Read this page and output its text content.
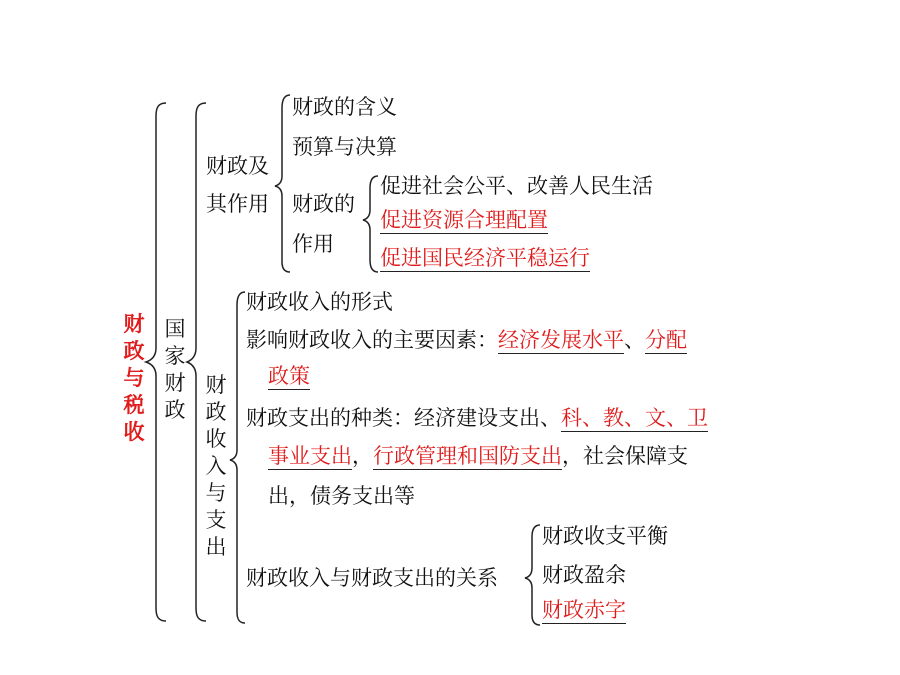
财政与税收
国家财政
财政及
其作用
财政的含义
预算与决算
财政的
作用
促进社会公平、改善人民生活
促进资源合理配置
促进国民经济平稳运行
财政收入与支出
财政收入的形式
影响财政收入的主要因素：经济发展水平、分配
政策
财政支出的种类：经济建设支出、科、教、文、卫
事业支出，行政管理和国防支出，社会保障支
出，债务支出等
财政收入与财政支出的关系
财政收支平衡
财政盈余
财政赤字
